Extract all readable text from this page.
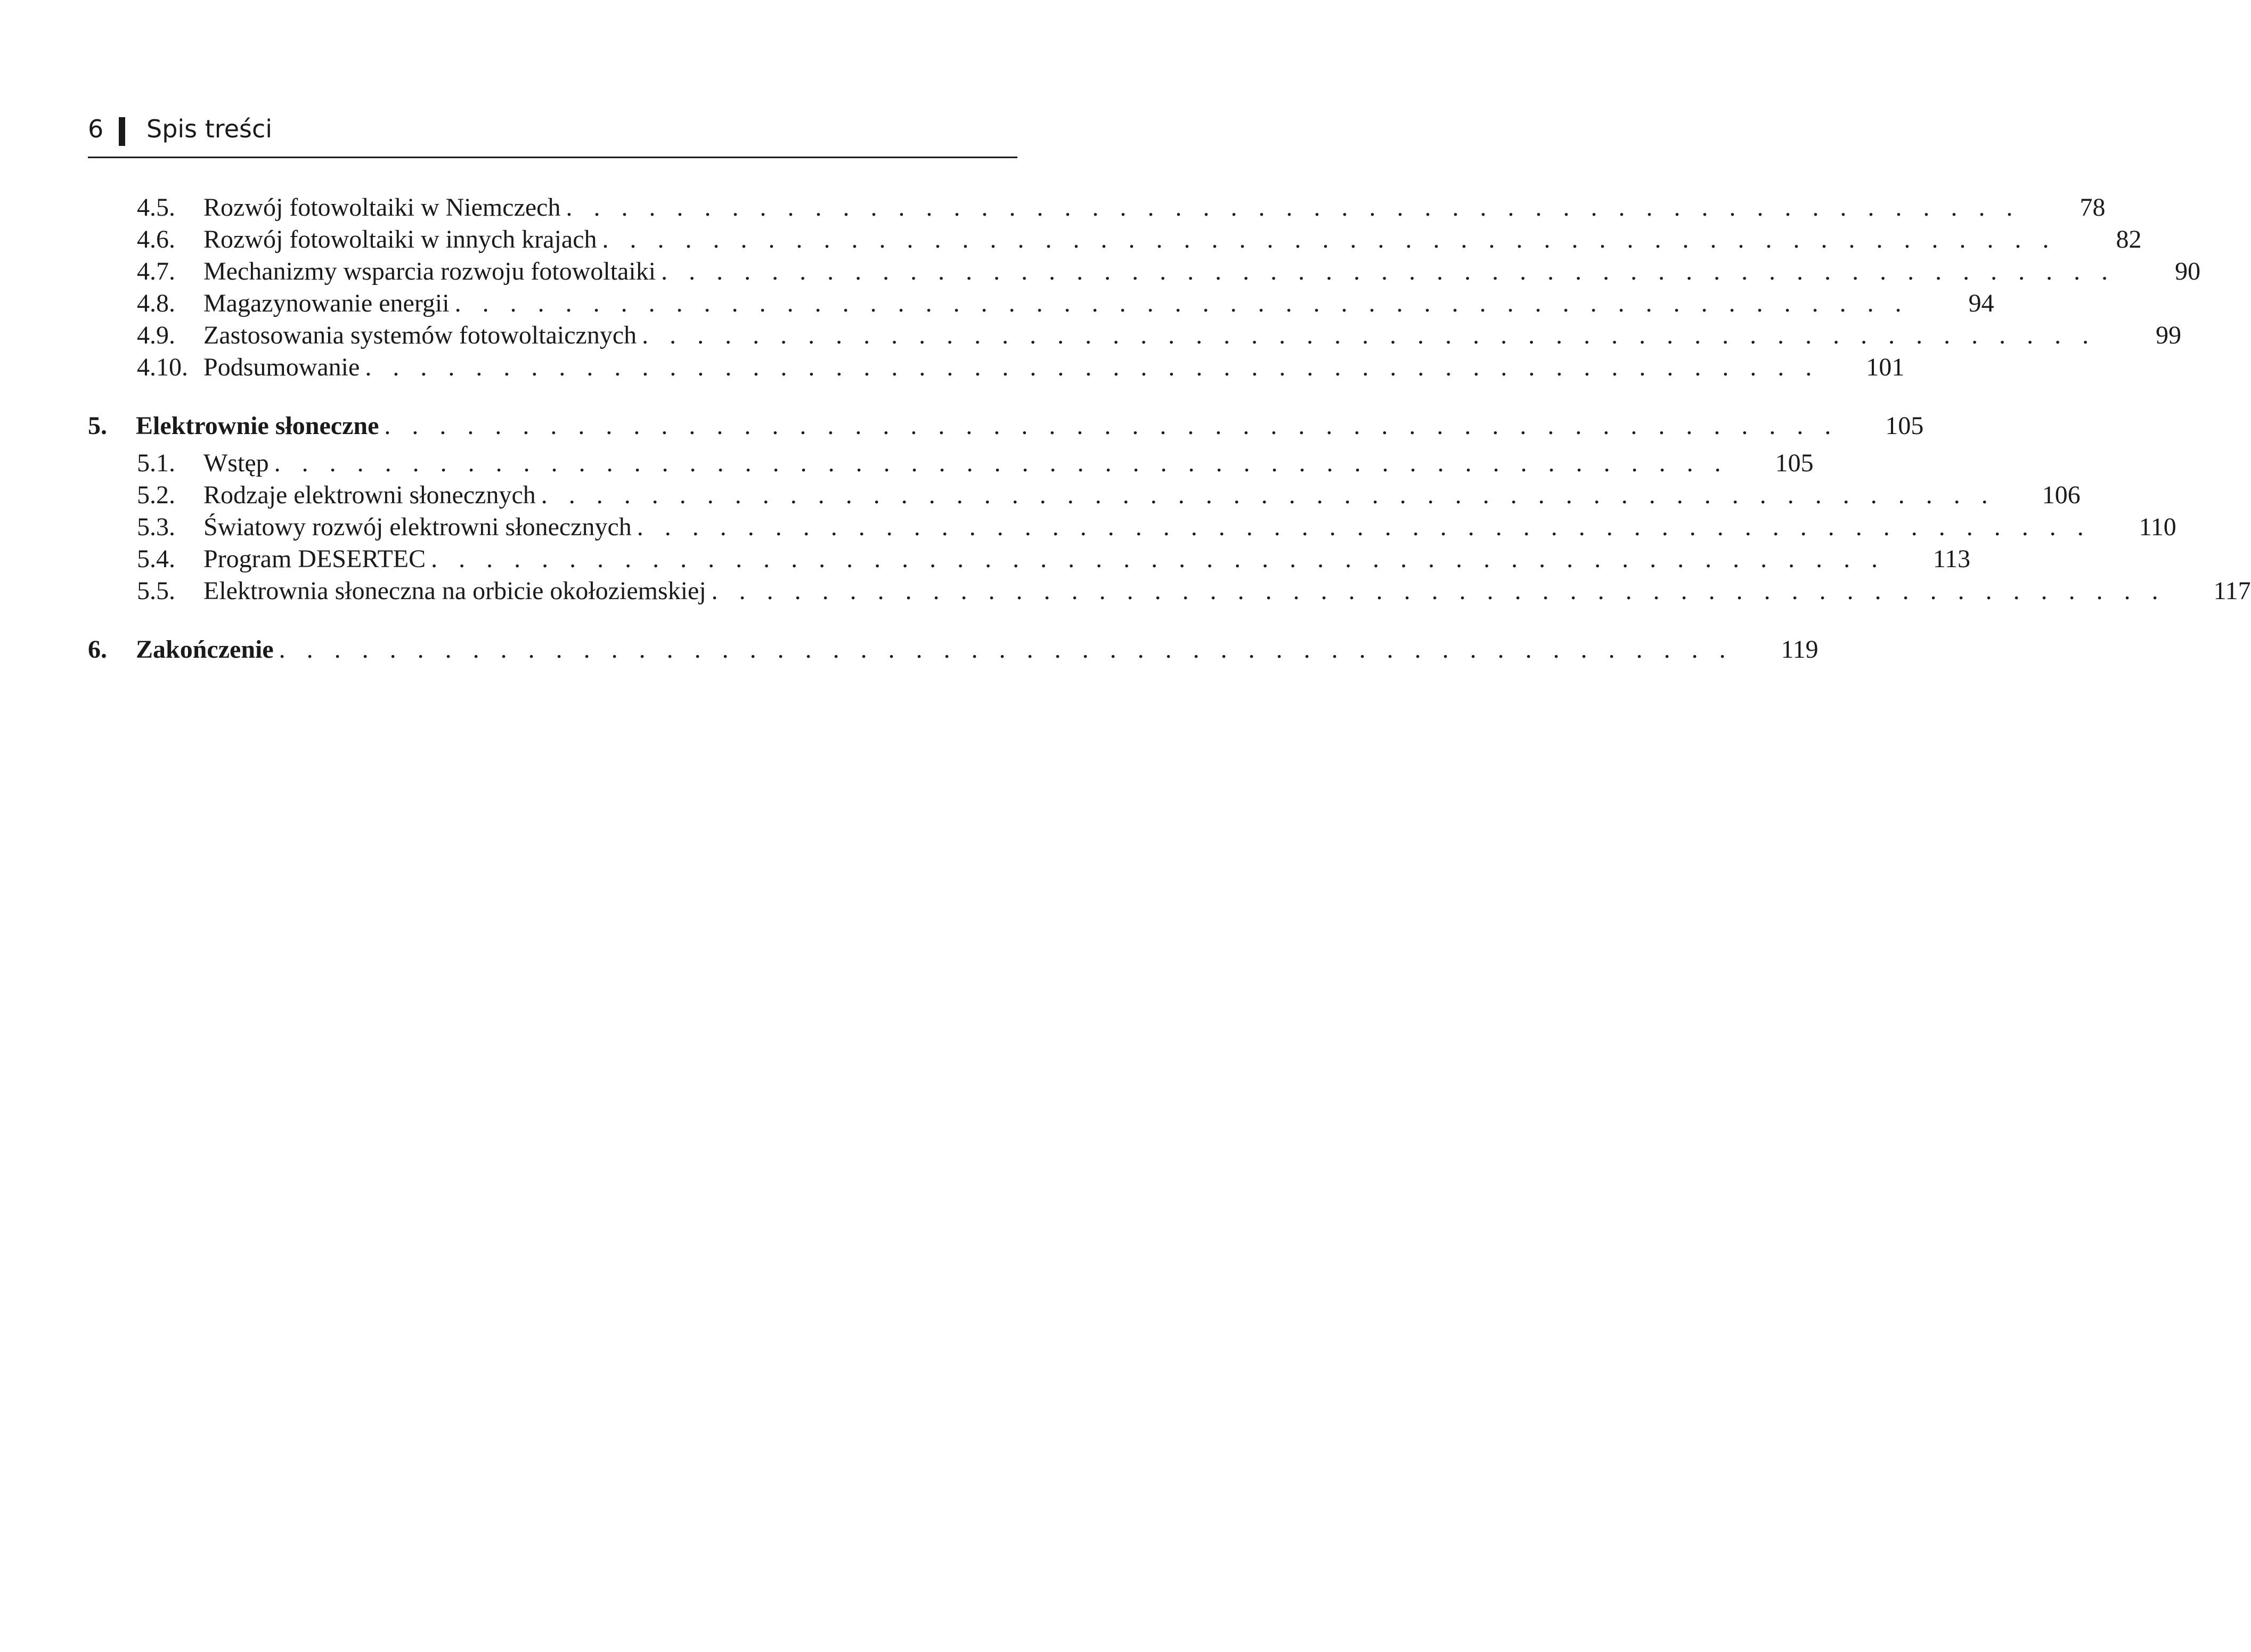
6 Spis treści
4.5.	Rozwój fotowoltaiki w Niemczech . . . . . . . . . . . . . . . . . . . . . . . . . . . . . . . . . . . . . . . . . . . . . . . . . . . . .	78
4.6.	Rozwój fotowoltaiki w innych krajach . . . . . . . . . . . . . . . . . . . . . . . . . . . . . . . . . . . . . . . . . . . . . . . . . . . . .	82
4.7.	Mechanizmy wsparcia rozwoju fotowoltaiki . . . . . . . . . . . . . . . . . . . . . . . . . . . . . . . . . . . . . . . . . . . . . . . . . . . . .	90
4.8.	Magazynowanie energii . . . . . . . . . . . . . . . . . . . . . . . . . . . . . . . . . . . . . . . . . . . . . . . . . . . . .	94
4.9.	Zastosowania systemów fotowoltaicznych . . . . . . . . . . . . . . . . . . . . . . . . . . . . . . . . . . . . . . . . . . . . . . . . . . . . .	99
4.10. Podsumowanie . . . . . . . . . . . . . . . . . . . . . . . . . . . . . . . . . . . . . . . . . . . . . . . . . . . . .	101
5.	Elektrownie słoneczne . . . . . . . . . . . . . . . . . . . . . . . . . . . . . . . . . . . . . . . . . . . . . . . . . . . . .	105
5.1.	Wstęp . . . . . . . . . . . . . . . . . . . . . . . . . . . . . . . . . . . . . . . . . . . . . . . . . . . . .	105
5.2.	Rodzaje elektrowni słonecznych . . . . . . . . . . . . . . . . . . . . . . . . . . . . . . . . . . . . . . . . . . . . . . . . . . . . .	106
5.3.	Światowy rozwój elektrowni słonecznych . . . . . . . . . . . . . . . . . . . . . . . . . . . . . . . . . . . . . . . . . . . . . . . . . . . . .	110
5.4.	Program DESERTEC . . . . . . . . . . . . . . . . . . . . . . . . . . . . . . . . . . . . . . . . . . . . . . . . . . . . .	113
5.5.	Elektrownia słoneczna na orbicie okołoziemskiej . . . . . . . . . . . . . . . . . . . . . . . . . . . . . . . . . . . . . . . . . . . . . . . . . . . . .	117
6.	Zakończenie . . . . . . . . . . . . . . . . . . . . . . . . . . . . . . . . . . . . . . . . . . . . . . . . . . . . .	119
